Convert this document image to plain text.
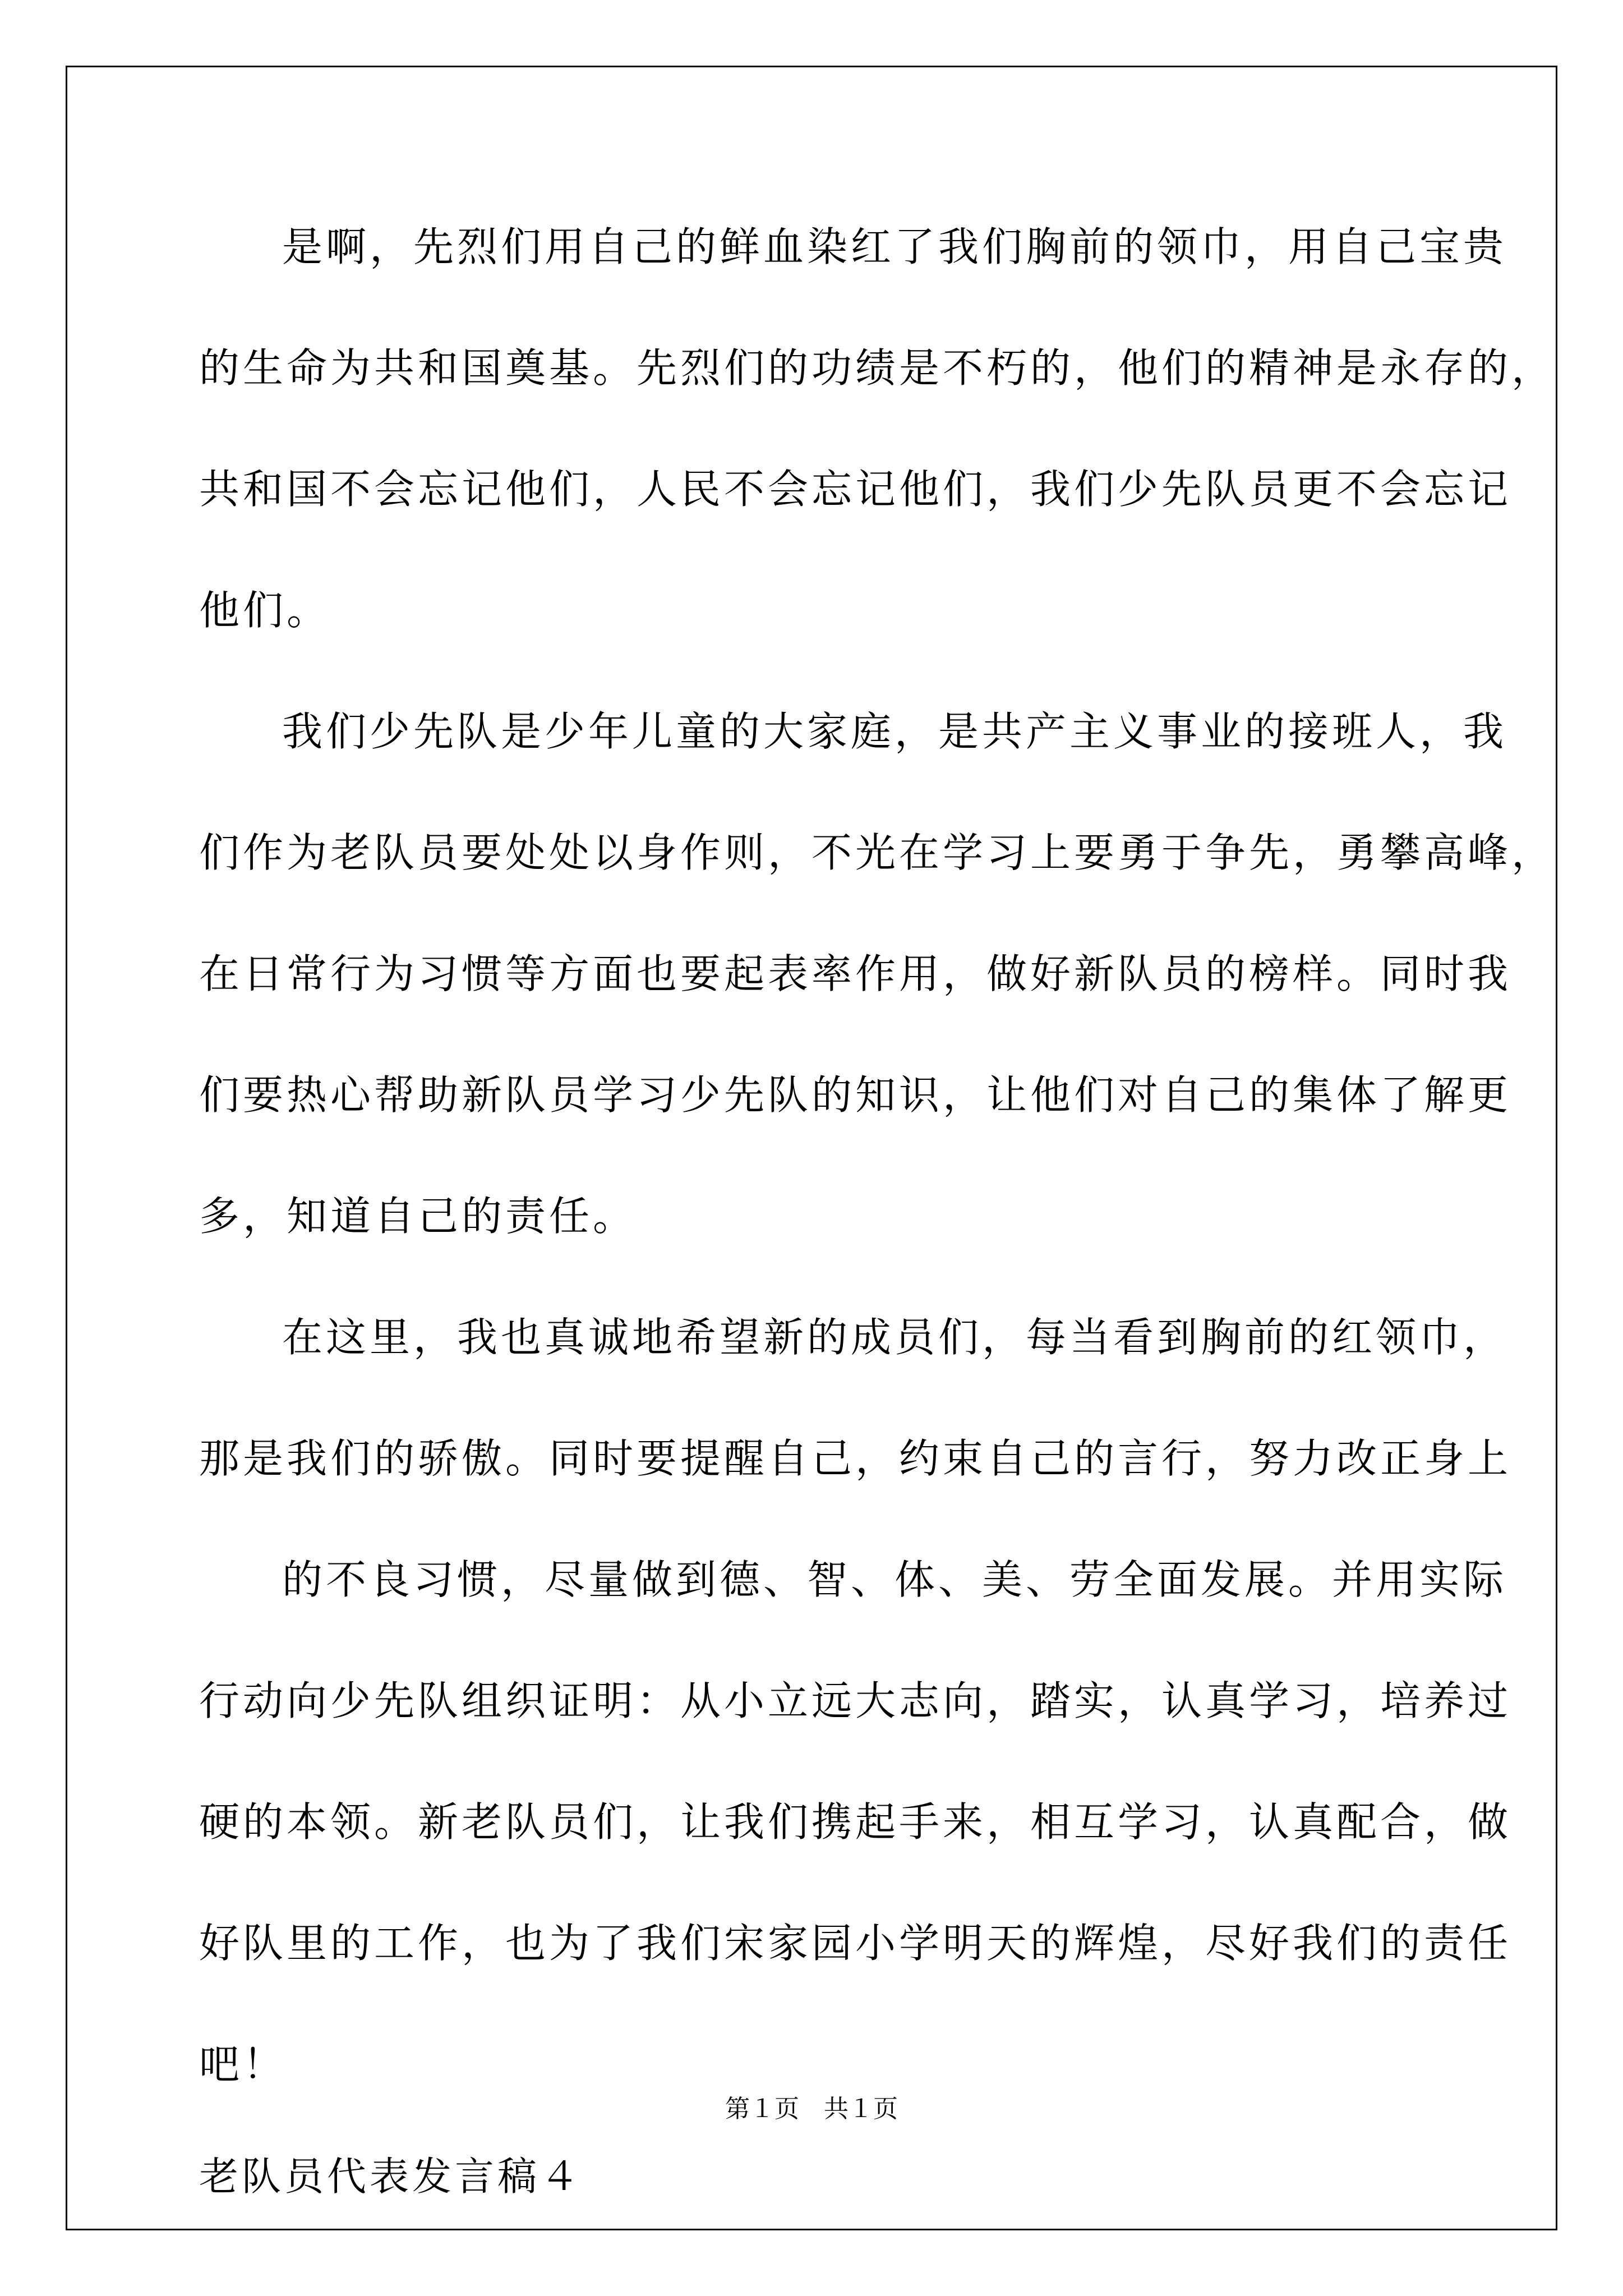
是啊，先烈们用自己的鲜血染红了我们胸前的领巾，用自己宝贵
的生命为共和国奠基。先烈们的功绩是不朽的，他们的精神是永存的，
共和国不会忘记他们，人民不会忘记他们，我们少先队员更不会忘记
他们。
我们少先队是少年儿童的大家庭，是共产主义事业的接班人，我
们作为老队员要处处以身作则，不光在学习上要勇于争先，勇攀高峰，
在日常行为习惯等方面也要起表率作用，做好新队员的榜样。同时我
们要热心帮助新队员学习少先队的知识，让他们对自己的集体了解更
多，知道自己的责任。
在这里，我也真诚地希望新的成员们，每当看到胸前的红领巾，
那是我们的骄傲。同时要提醒自己，约束自己的言行，努力改正身上
的不良习惯，尽量做到德、智、体、美、劳全面发展。并用实际
行动向少先队组织证明：从小立远大志向，踏实，认真学习，培养过
硬的本领。新老队员们，让我们携起手来，相互学习，认真配合，做
好队里的工作，也为了我们宋家园小学明天的辉煌，尽好我们的责任
吧！
老队员代表发言稿４
第１页　共１页
